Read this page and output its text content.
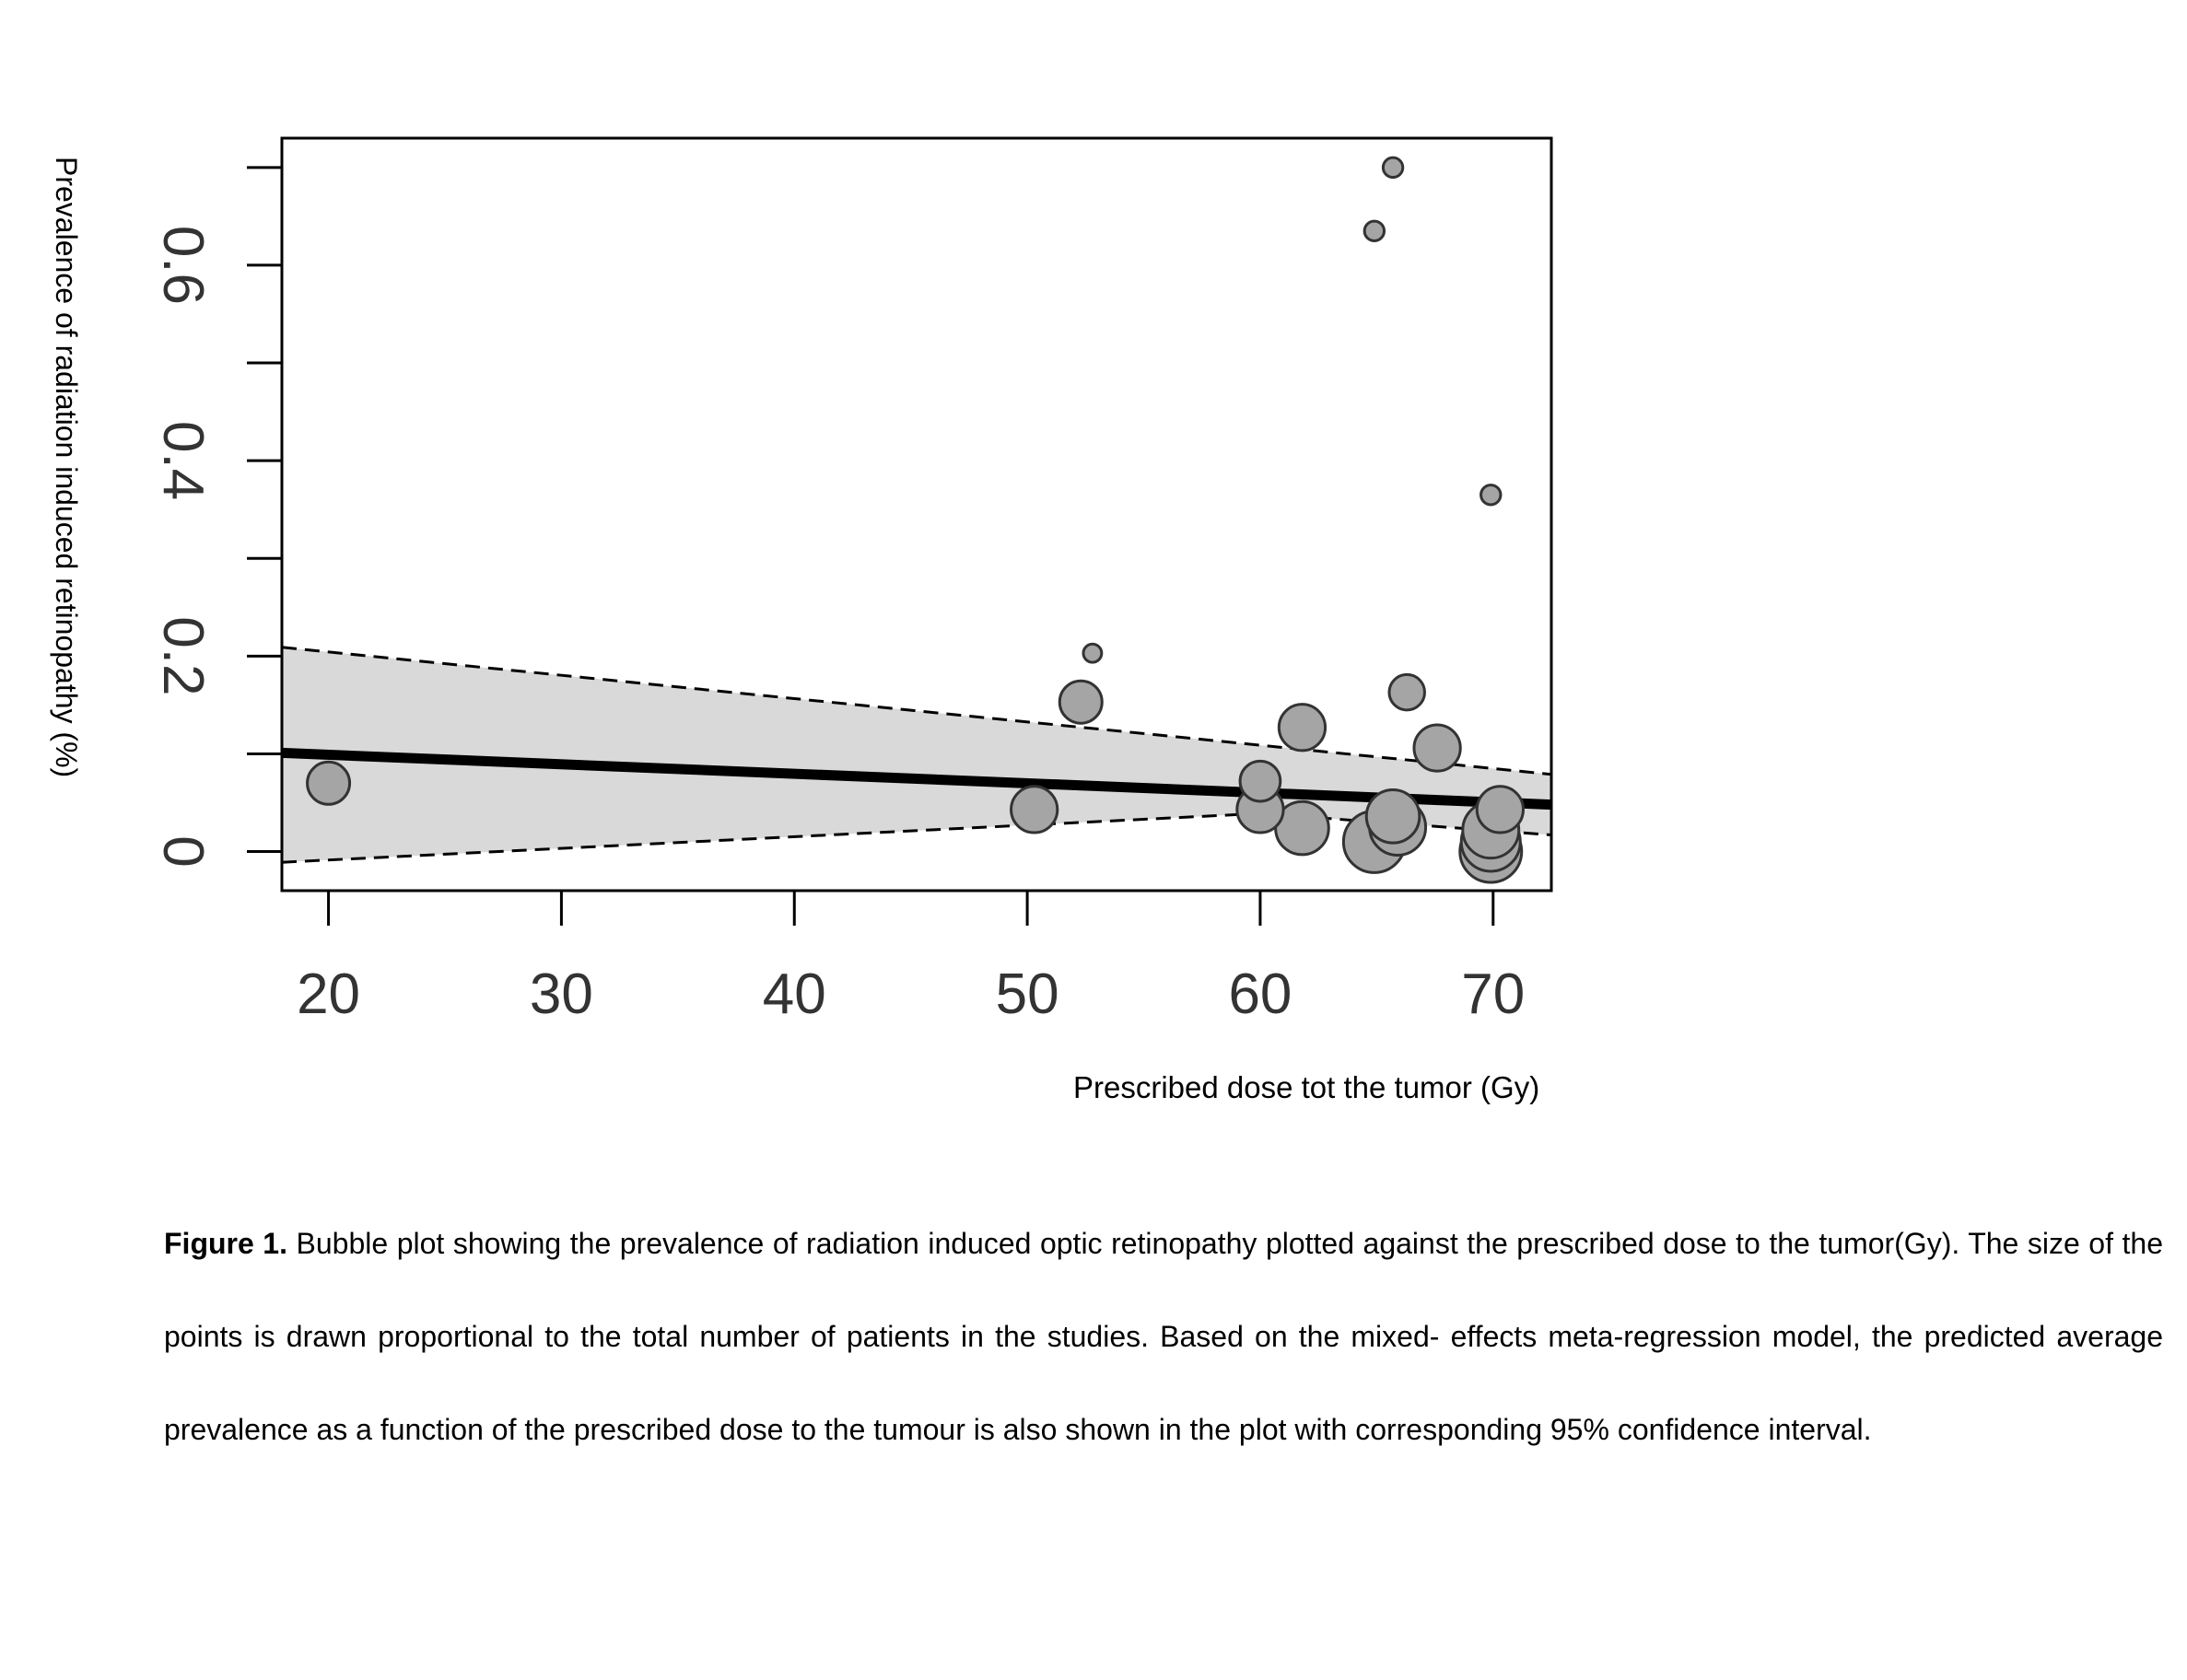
20	30	40	50	60	70
0
0.2
0.4
0.6
Prevalence of radiation induced retinopathy (%)
Prescribed dose tot the tumor (Gy)
Figure 1. Bubble plot showing the prevalence of radiation induced optic retinopathy plotted against the prescribed dose to the tumor(Gy). The size of the points is drawn proportional to the total number of patients in the studies. Based on the mixed- effects meta-regression model, the predicted average prevalence as a function of the prescribed dose to the tumour is also shown in the plot with corresponding 95% confidence interval.
